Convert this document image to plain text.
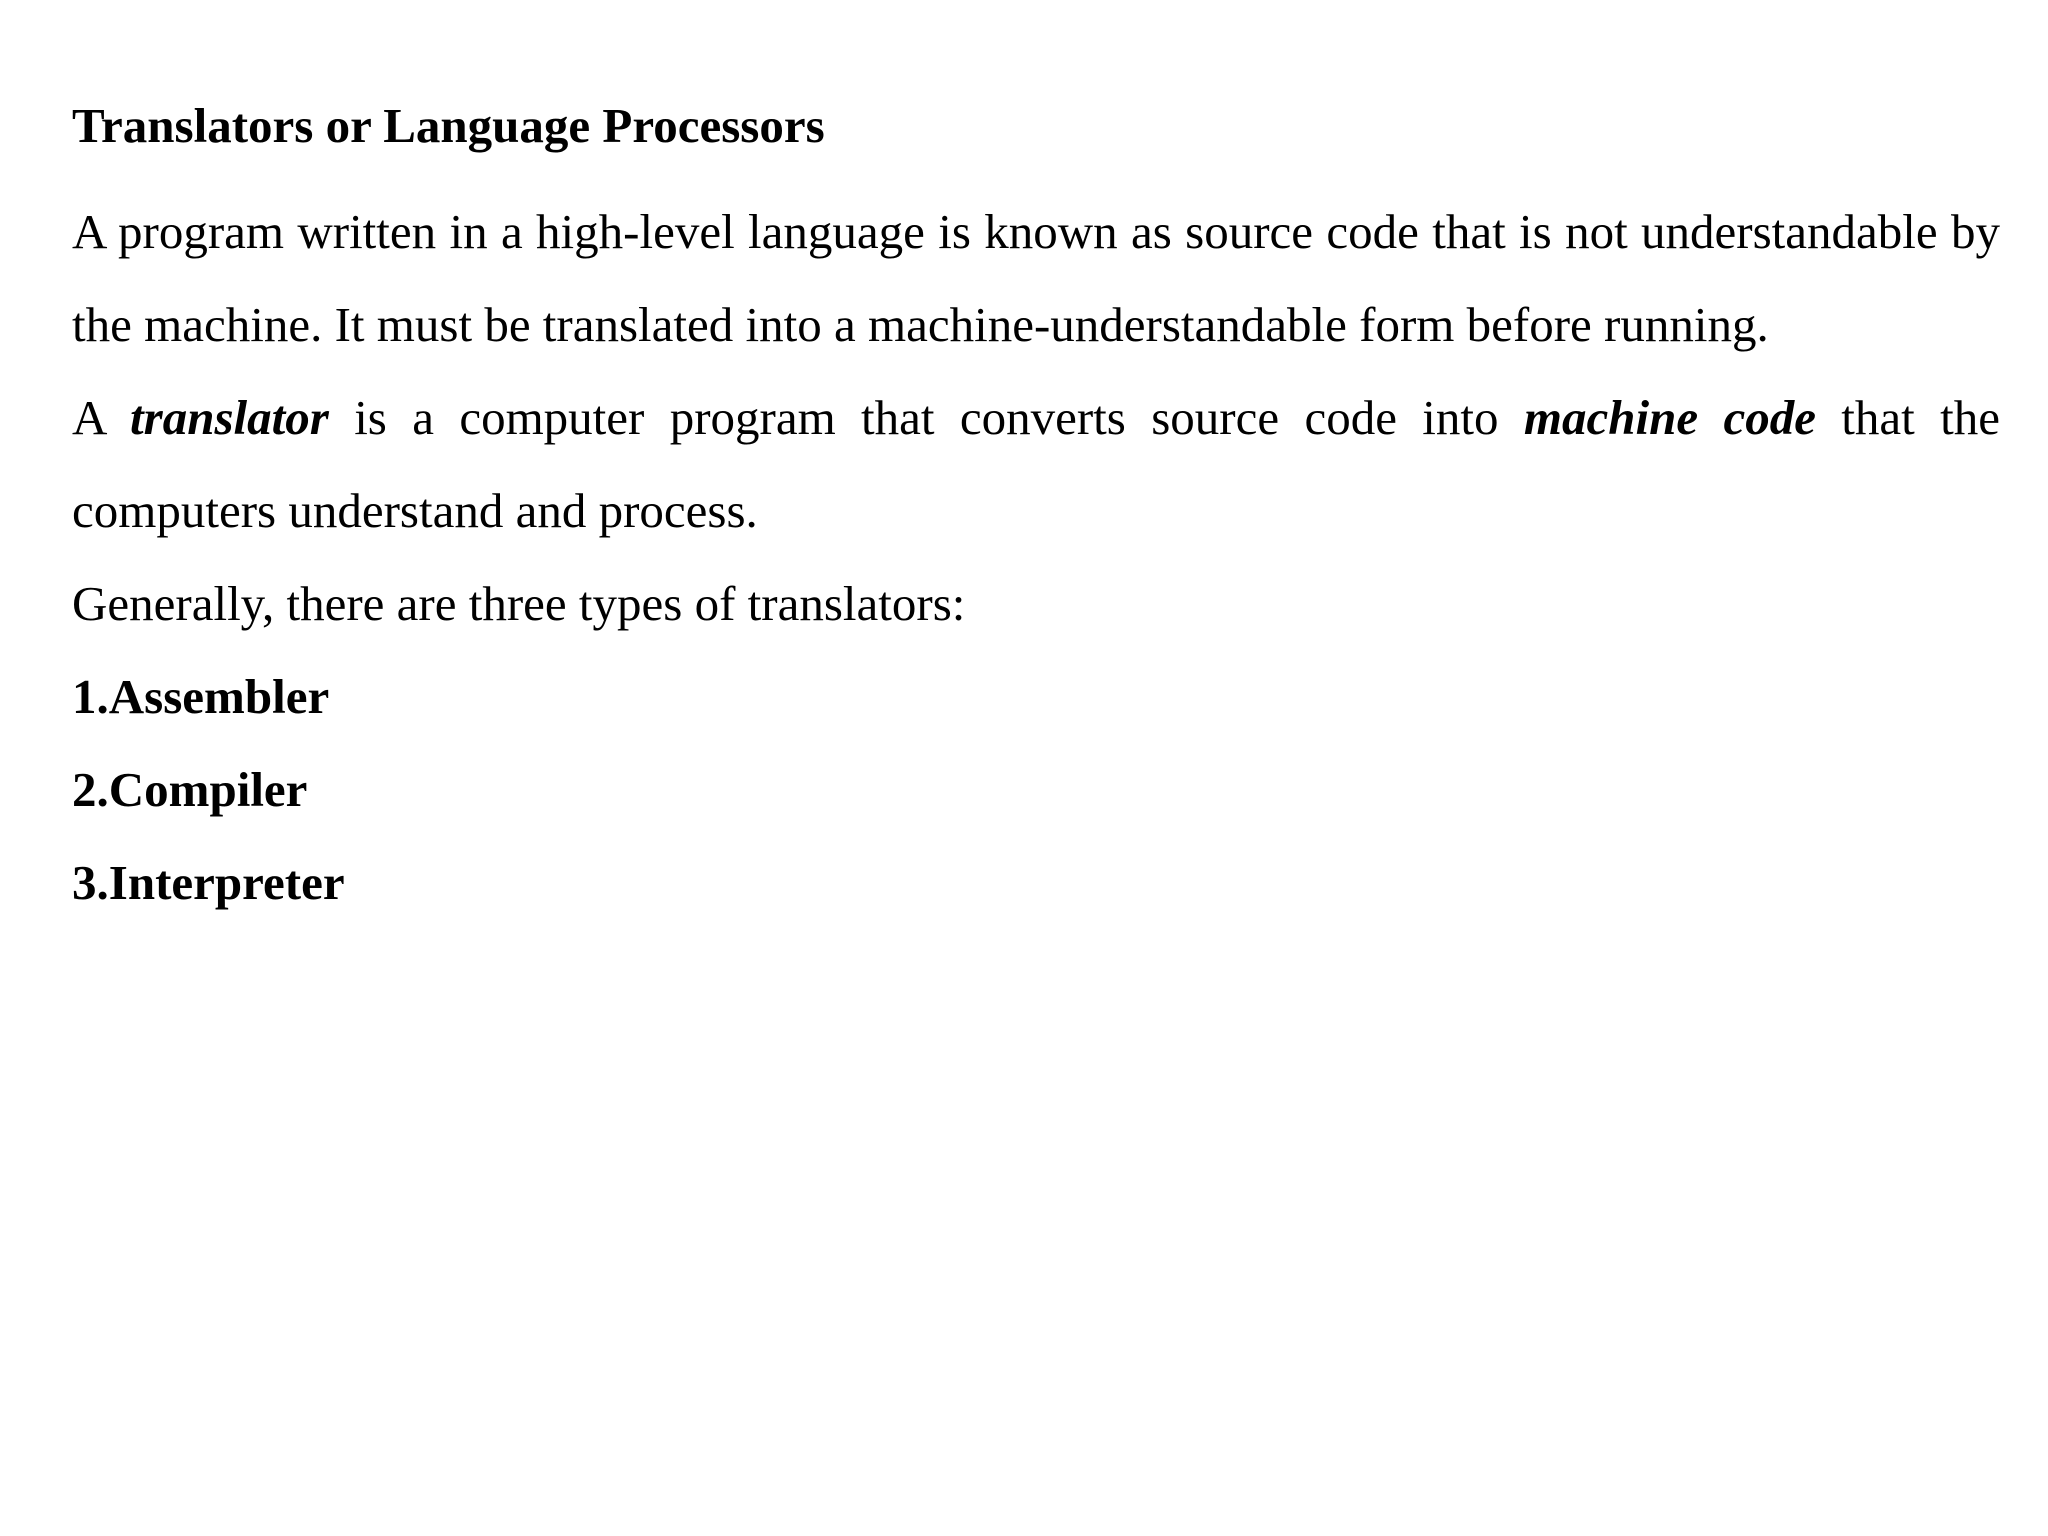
Translators or Language Processors

A program written in a high-level language is known as source code that is not understandable by the machine. It must be translated into a machine-understandable form before running.

A translator is a computer program that converts source code into machine code that the computers understand and process.

Generally, there are three types of translators:

1.Assembler
2.Compiler
3.Interpreter
